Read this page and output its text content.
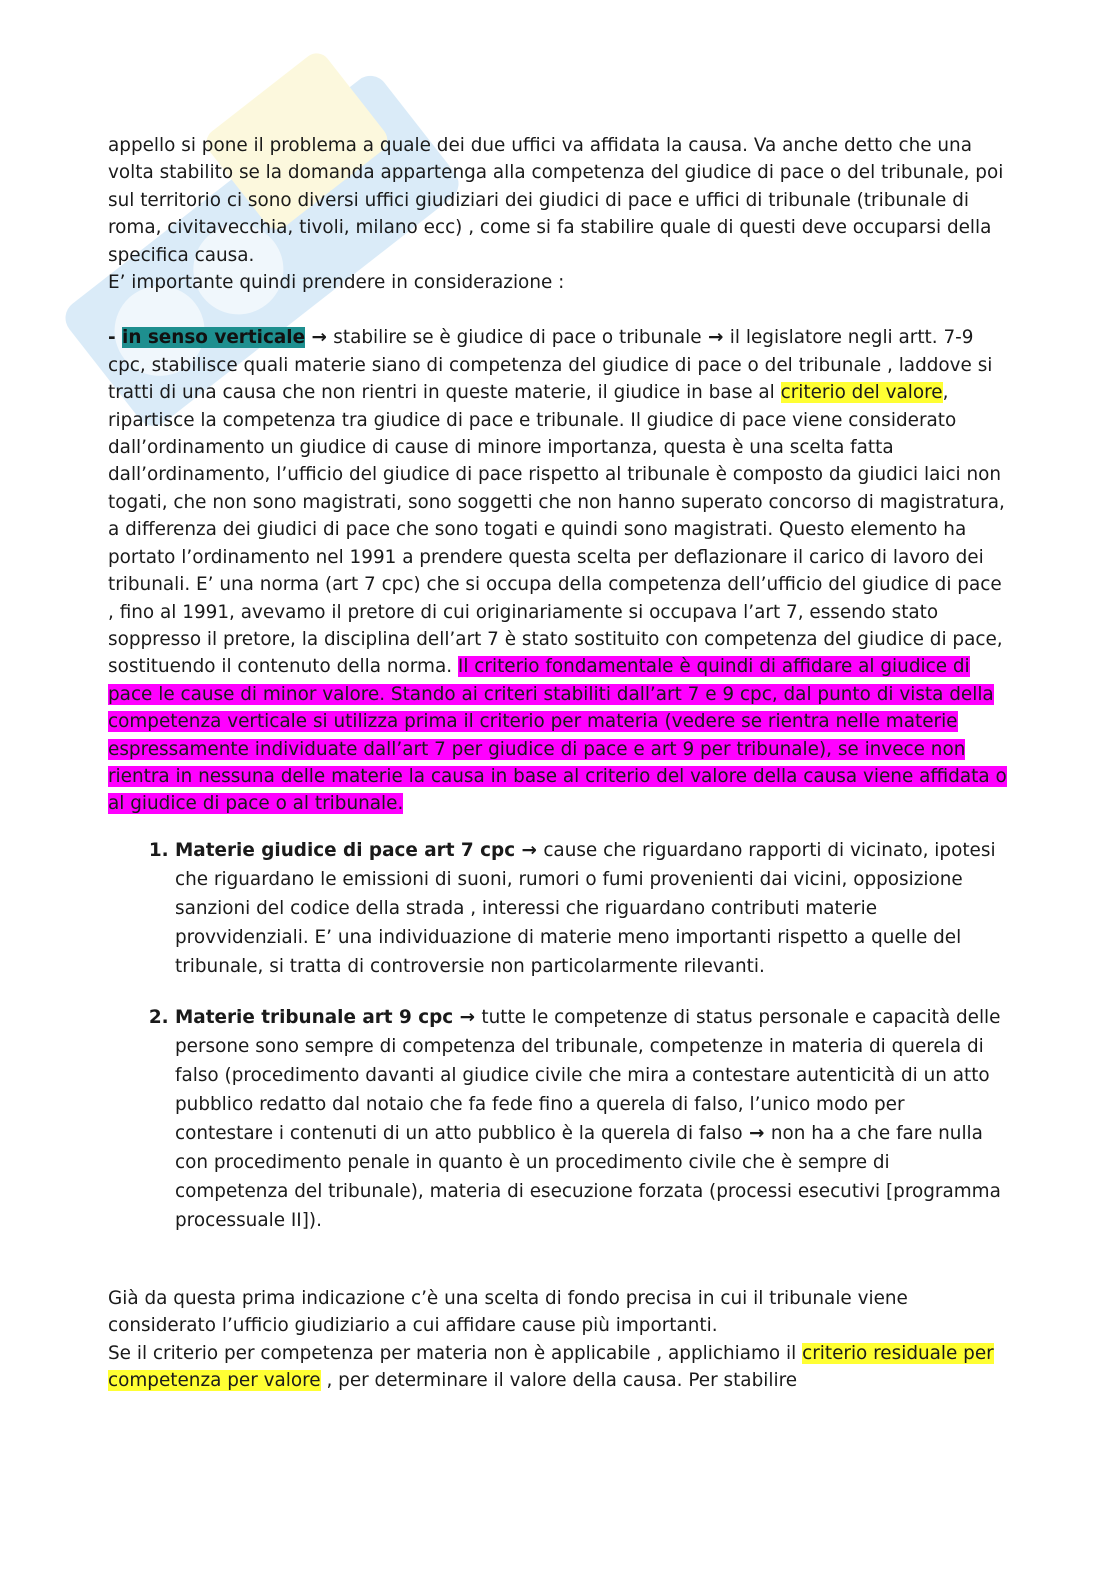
appello si pone il problema a quale dei due uffici va affidata la causa. Va anche detto che una volta stabilito se la domanda appartenga alla competenza del giudice di pace o del tribunale, poi sul territorio ci sono diversi uffici giudiziari dei giudici di pace e uffici di tribunale (tribunale di roma, civitavecchia, tivoli, milano ecc) , come si fa stabilire quale di questi deve occuparsi della specifica causa.

E’ importante quindi prendere in considerazione :

- in senso verticale → stabilire se è giudice di pace o tribunale → il legislatore negli artt. 7-9 cpc, stabilisce quali materie siano di competenza del giudice di pace o del tribunale , laddove si tratti di una causa che non rientri in queste materie, il giudice in base al criterio del valore, ripartisce la competenza tra giudice di pace e tribunale. Il giudice di pace viene considerato dall’ordinamento un giudice di cause di minore importanza, questa è una scelta fatta dall’ordinamento, l’ufficio del giudice di pace rispetto al tribunale è composto da giudici laici non togati, che non sono magistrati, sono soggetti che non hanno superato concorso di magistratura, a differenza dei giudici di pace che sono togati e quindi sono magistrati. Questo elemento ha portato l’ordinamento nel 1991 a prendere questa scelta per deflazionare il carico di lavoro dei tribunali. E’ una norma (art 7 cpc) che si occupa della competenza dell’ufficio del giudice di pace , fino al 1991, avevamo il pretore di cui originariamente si occupava l’art 7, essendo stato soppresso il pretore, la disciplina dell’art 7 è stato sostituito con competenza del giudice di pace, sostituendo il contenuto della norma. Il criterio fondamentale è quindi di affidare al giudice di pace le cause di minor valore. Stando ai criteri stabiliti dall’art 7 e 9 cpc, dal punto di vista della competenza verticale si utilizza prima il criterio per materia (vedere se rientra nelle materie espressamente individuate dall’art 7 per giudice di pace e art 9 per tribunale), se invece non rientra in nessuna delle materie la causa in base al criterio del valore della causa viene affidata o al giudice di pace o al tribunale.

1. Materie giudice di pace art 7 cpc → cause che riguardano rapporti di vicinato, ipotesi che riguardano le emissioni di suoni, rumori o fumi provenienti dai vicini, opposizione sanzioni del codice della strada , interessi che riguardano contributi materie provvidenziali. E’ una individuazione di materie meno importanti rispetto a quelle del tribunale, si tratta di controversie non particolarmente rilevanti.
2. Materie tribunale art 9 cpc → tutte le competenze di status personale e capacità delle persone sono sempre di competenza del tribunale, competenze in materia di querela di falso (procedimento davanti al giudice civile che mira a contestare autenticità di un atto pubblico redatto dal notaio che fa fede fino a querela di falso, l’unico modo per contestare i contenuti di un atto pubblico è la querela di falso → non ha a che fare nulla con procedimento penale in quanto è un procedimento civile che è sempre di competenza del tribunale), materia di esecuzione forzata (processi esecutivi [programma processuale II]).

Già da questa prima indicazione c’è una scelta di fondo precisa in cui il tribunale viene considerato l’ufficio giudiziario a cui affidare cause più importanti.

Se il criterio per competenza per materia non è applicabile , applichiamo il criterio residuale per competenza per valore , per determinare il valore della causa. Per stabilire
